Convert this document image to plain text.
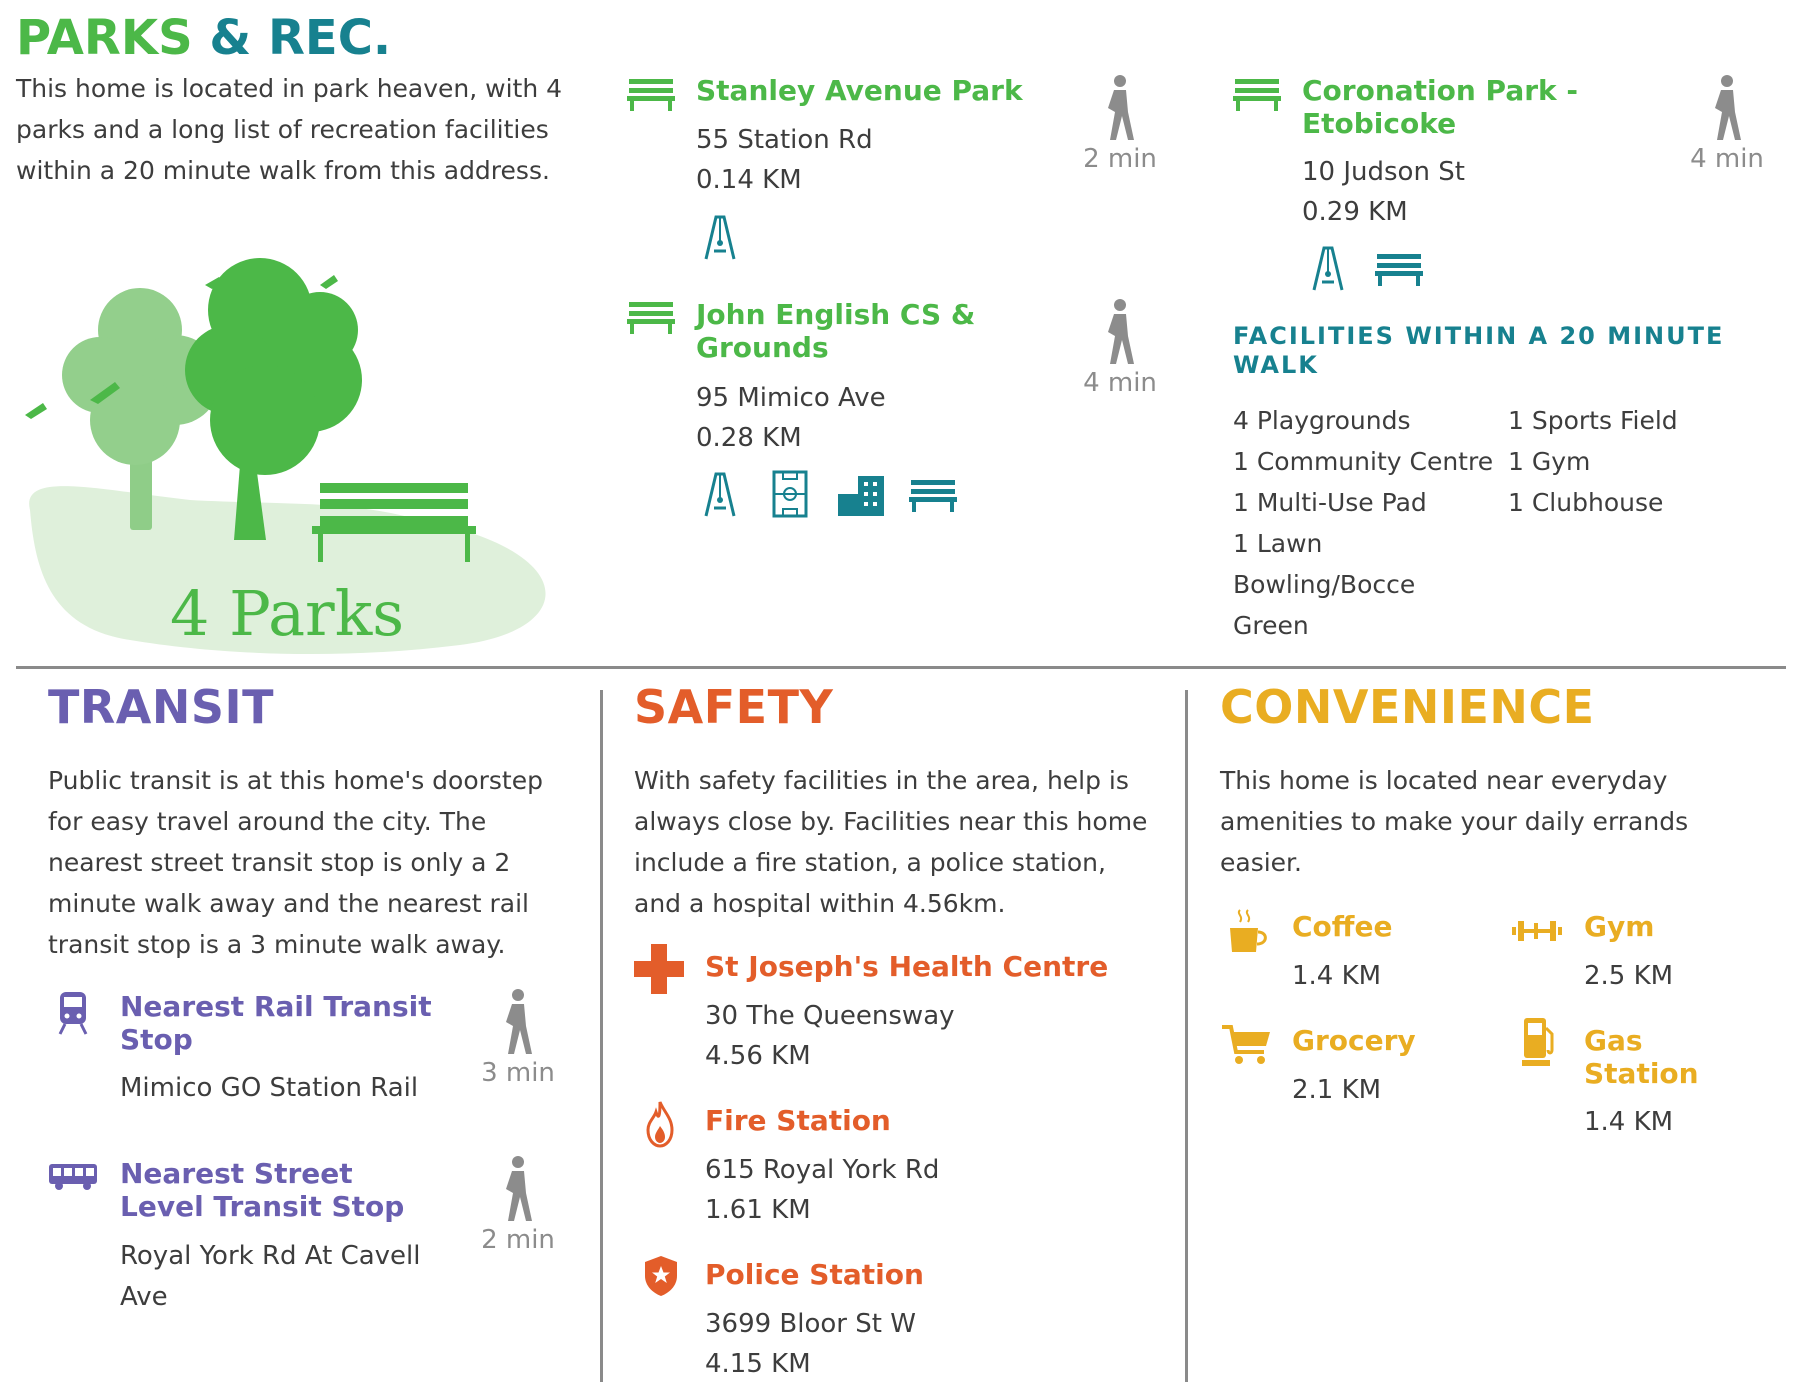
PARKS & REC.
This home is located in park heaven, with 4 parks and a long list of recreation facilities within a 20 minute walk from this address.
4 Parks
Stanley Avenue Park
55 Station Rd
0.14 KM
2 min
John English CS & Grounds
95 Mimico Ave
0.28 KM
4 min
Coronation Park - Etobicoke
10 Judson St
0.29 KM
4 min
FACILITIES WITHIN A 20 MINUTE WALK
4 Playgrounds
1 Community Centre
1 Multi-Use Pad
1 Lawn Bowling/Bocce Green
1 Sports Field
1 Gym
1 Clubhouse
TRANSIT
Public transit is at this home's doorstep for easy travel around the city. The nearest street transit stop is only a 2 minute walk away and the nearest rail transit stop is a 3 minute walk away.
Nearest Rail Transit Stop
Mimico GO Station Rail	3 min
Nearest Street Level Transit Stop
Royal York Rd At Cavell Ave
2 min
SAFETY
With safety facilities in the area, help is always close by. Facilities near this home include a fire station, a police station, and a hospital within 4.56km.
St Joseph's Health Centre
30 The Queensway
4.56 KM
Fire Station
615 Royal York Rd
1.61 KM
Police Station
3699 Bloor St W
4.15 KM
CONVENIENCE
This home is located near everyday amenities to make your daily errands easier.
Coffee
1.4 KM
Gym
2.5 KM
Grocery
2.1 KM
Gas Station
1.4 KM
